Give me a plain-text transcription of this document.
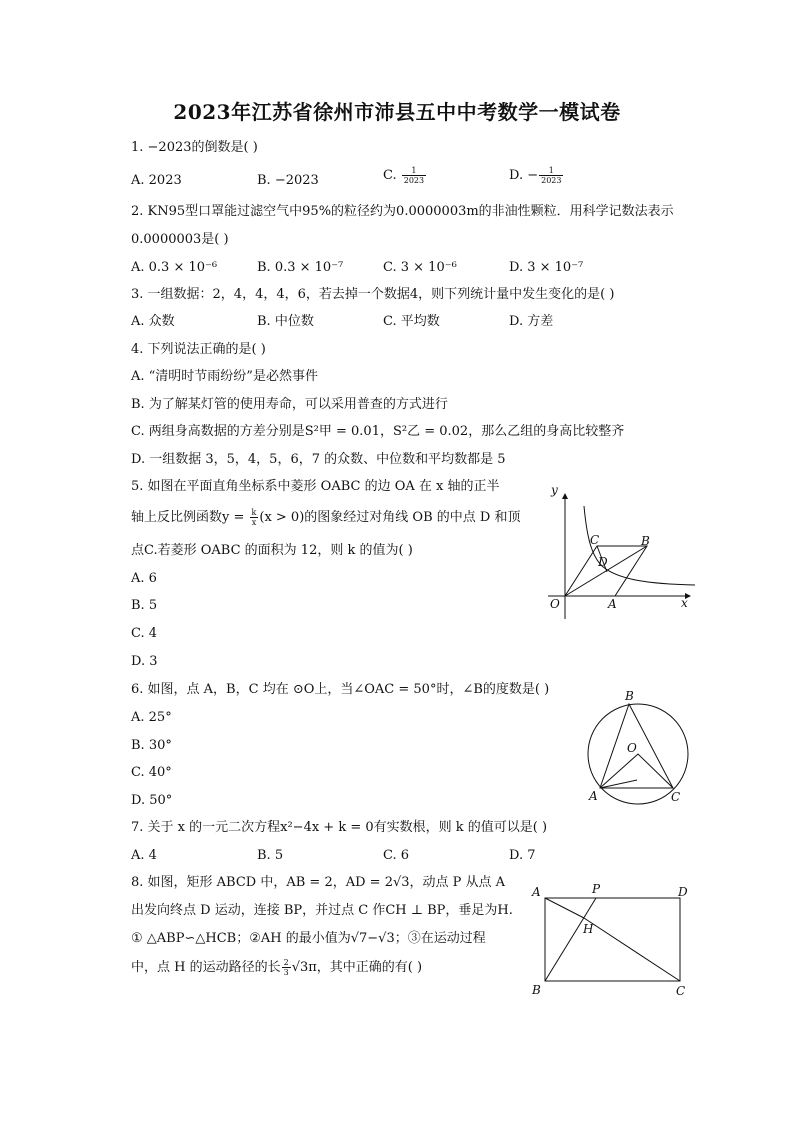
2023年江苏省徐州市沛县五中中考数学一模试卷
1. −2023的倒数是( )
A. 2023	B. −2023	C. $\frac{1}{2023}$	D. − $\frac{1}{2023}$
2. KN95型口罩能过滤空气中95%的粒径约为0.0000003m的非油性颗粒．用科学记数法表示
0.0000003是( )
A. 0.3 × 10⁻⁶	B. 0.3 × 10⁻⁷	C. 3 × 10⁻⁶	D. 3 × 10⁻⁷
3. 一组数据：2，4，4，4，6，若去掉一个数据4，则下列统计量中发生变化的是( )
A. 众数	B. 中位数	C. 平均数	D. 方差
4. 下列说法正确的是( )
A. “清明时节雨纷纷”是必然事件
B. 为了解某灯管的使用寿命，可以采用普查的方式进行
C. 两组身高数据的方差分别是S²甲 = 0.01，S²乙 = 0.02，那么乙组的身高比较整齐
D. 一组数据 3，5，4，5，6，7 的众数、中位数和平均数都是 5
5. 如图在平面直角坐标系中菱形 OABC 的边 OA 在 x 轴的正半
轴上反比例函数$y = \frac{k}{x} (x > 0)$的图象经过对角线 OB 的中点 D 和顶
点C.若菱形 OABC 的面积为 12，则 k 的值为( )
A. 6
B. 5
C. 4
D. 3
y
x
O	A
B
C
D
6. 如图，点 A，B，C 均在 ⊙O上，当∠OAC = 50°时，∠B的度数是( )
A. 25°
B. 30°
C. 40°
D. 50°
B
O
A	C
7. 关于 x 的一元二次方程x²−4x + k = 0有实数根，则 k 的值可以是( )
A. 4	B. 5	C. 6	D. 7
8. 如图，矩形 ABCD 中，AB = 2，AD = 2√3，动点 P 从点 A
出发向终点 D 运动，连接 BP，并过点 C 作CH ⊥ BP，垂足为H.
① △ABP∽△HCB；②AH 的最小值为√7−√3；③在运动过程
中，点 H 的运动路径的长 $\frac{2}{3} √3\pi$，其中正确的有( )
A	P	D
H
B	C
